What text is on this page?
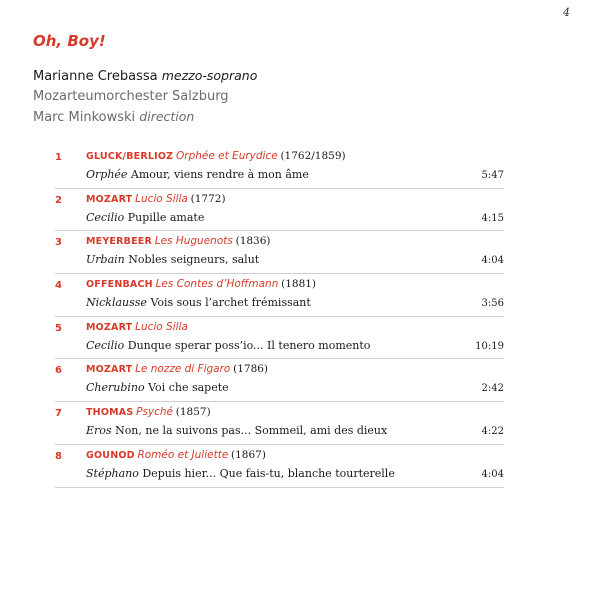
4
Oh, Boy!
Marianne Crebassa mezzo-soprano
Mozarteumorchester Salzburg
Marc Minkowski direction
1	GLUCK/BERLIOZ Orphée et Eurydice (1762/1859)
Orphée Amour, viens rendre à mon âme	5:47
2	MOZART Lucio Silla (1772)
Cecilio Pupille amate	4:15
3	MEYERBEER Les Huguenots (1836)
Urbain Nobles seigneurs, salut	4:04
4	OFFENBACH Les Contes d’Hoffmann (1881)
Nicklausse Vois sous l’archet frémissant	3:56
5	MOZART Lucio Silla
Cecilio Dunque sperar poss’io... Il tenero momento	10:19
6	MOZART Le nozze di Figaro (1786)
Cherubino Voi che sapete	2:42
7	THOMAS Psyché (1857)
Eros Non, ne la suivons pas... Sommeil, ami des dieux	4:22
8	GOUNOD Roméo et Juliette (1867)
Stéphano Depuis hier... Que fais-tu, blanche tourterelle	4:04
